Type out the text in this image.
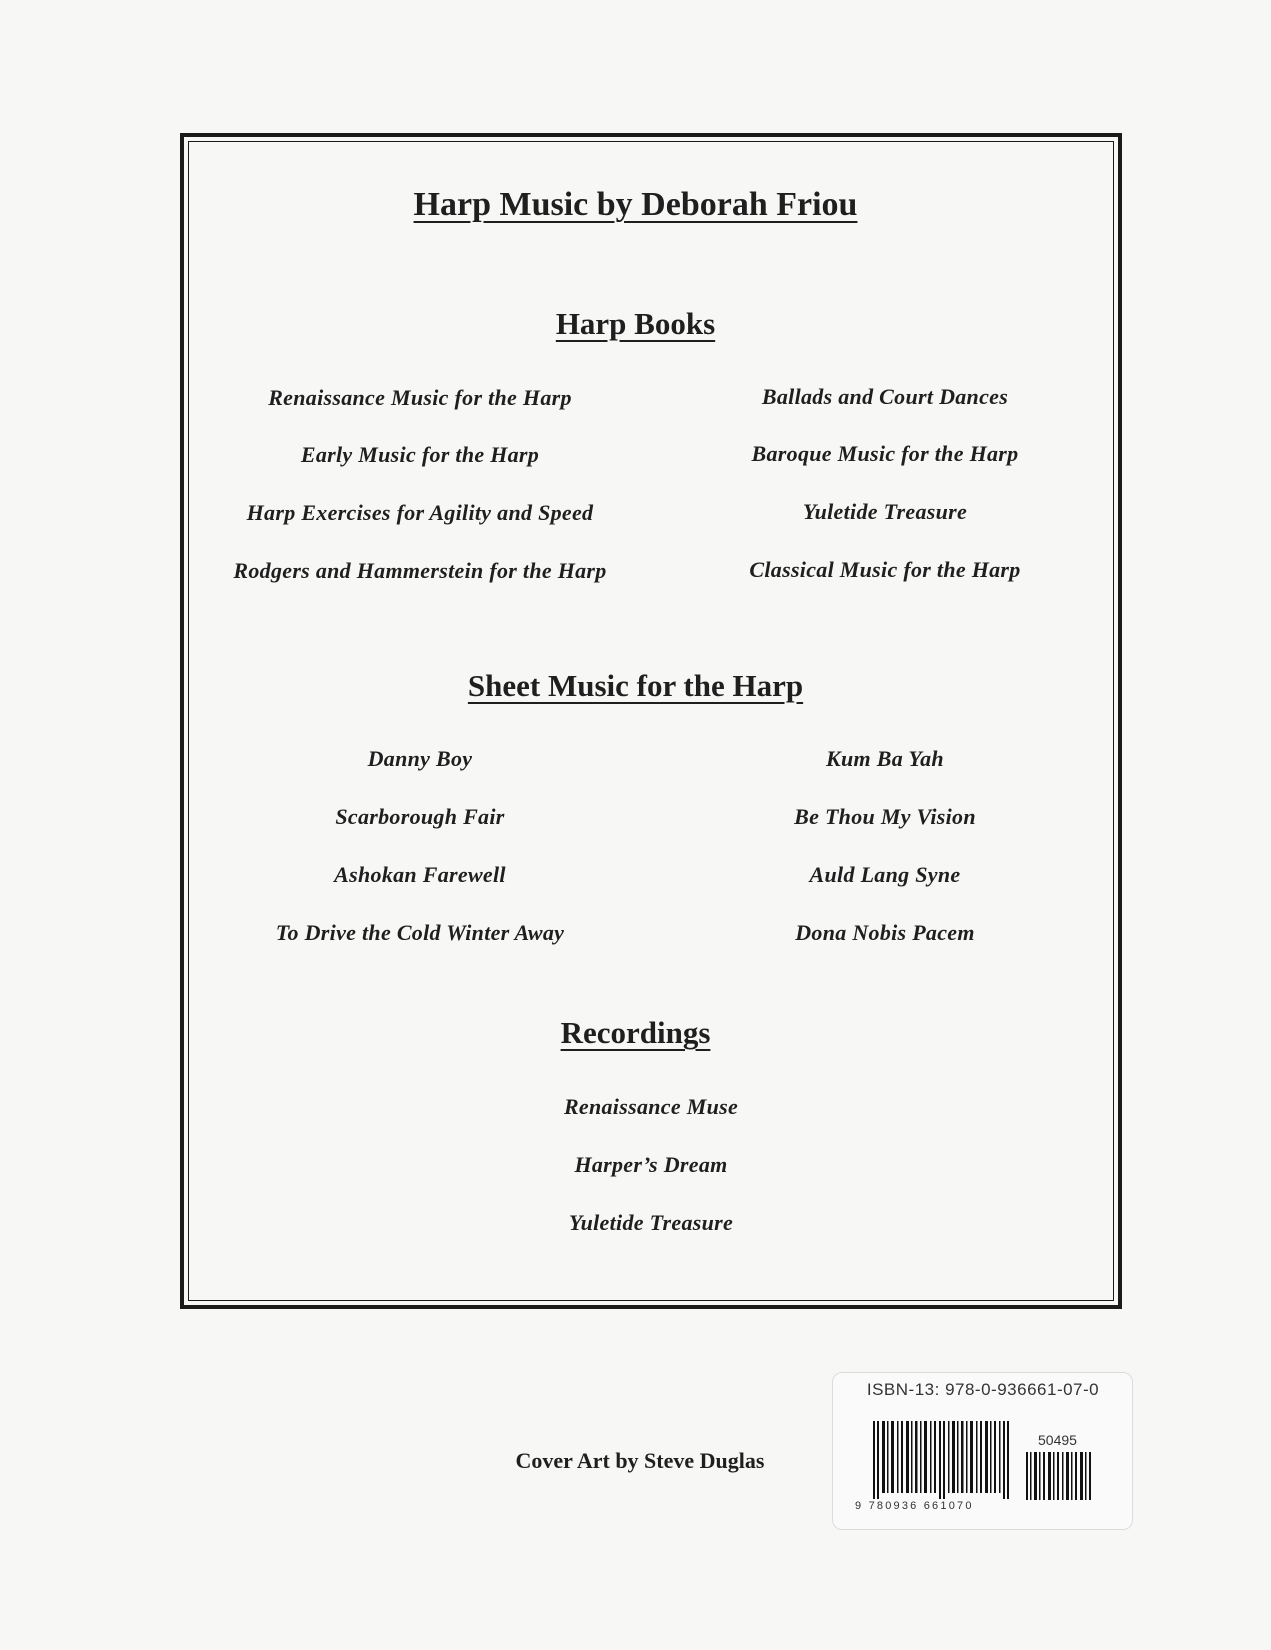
Harp Music by Deborah Friou
Harp Books
Renaissance Music for the Harp
Early Music for the Harp
Harp Exercises for Agility and Speed
Rodgers and Hammerstein for the Harp
Ballads and Court Dances
Baroque Music for the Harp
Yuletide Treasure
Classical Music for the Harp
Sheet Music for the Harp
Danny Boy
Scarborough Fair
Ashokan Farewell
To Drive the Cold Winter Away
Kum Ba Yah
Be Thou My Vision
Auld Lang Syne
Dona Nobis Pacem
Recordings
Renaissance Muse
Harper’s Dream
Yuletide Treasure
Cover Art by Steve Duglas
ISBN-13: 978-0-936661-07-0
50495
9 780936 661070
